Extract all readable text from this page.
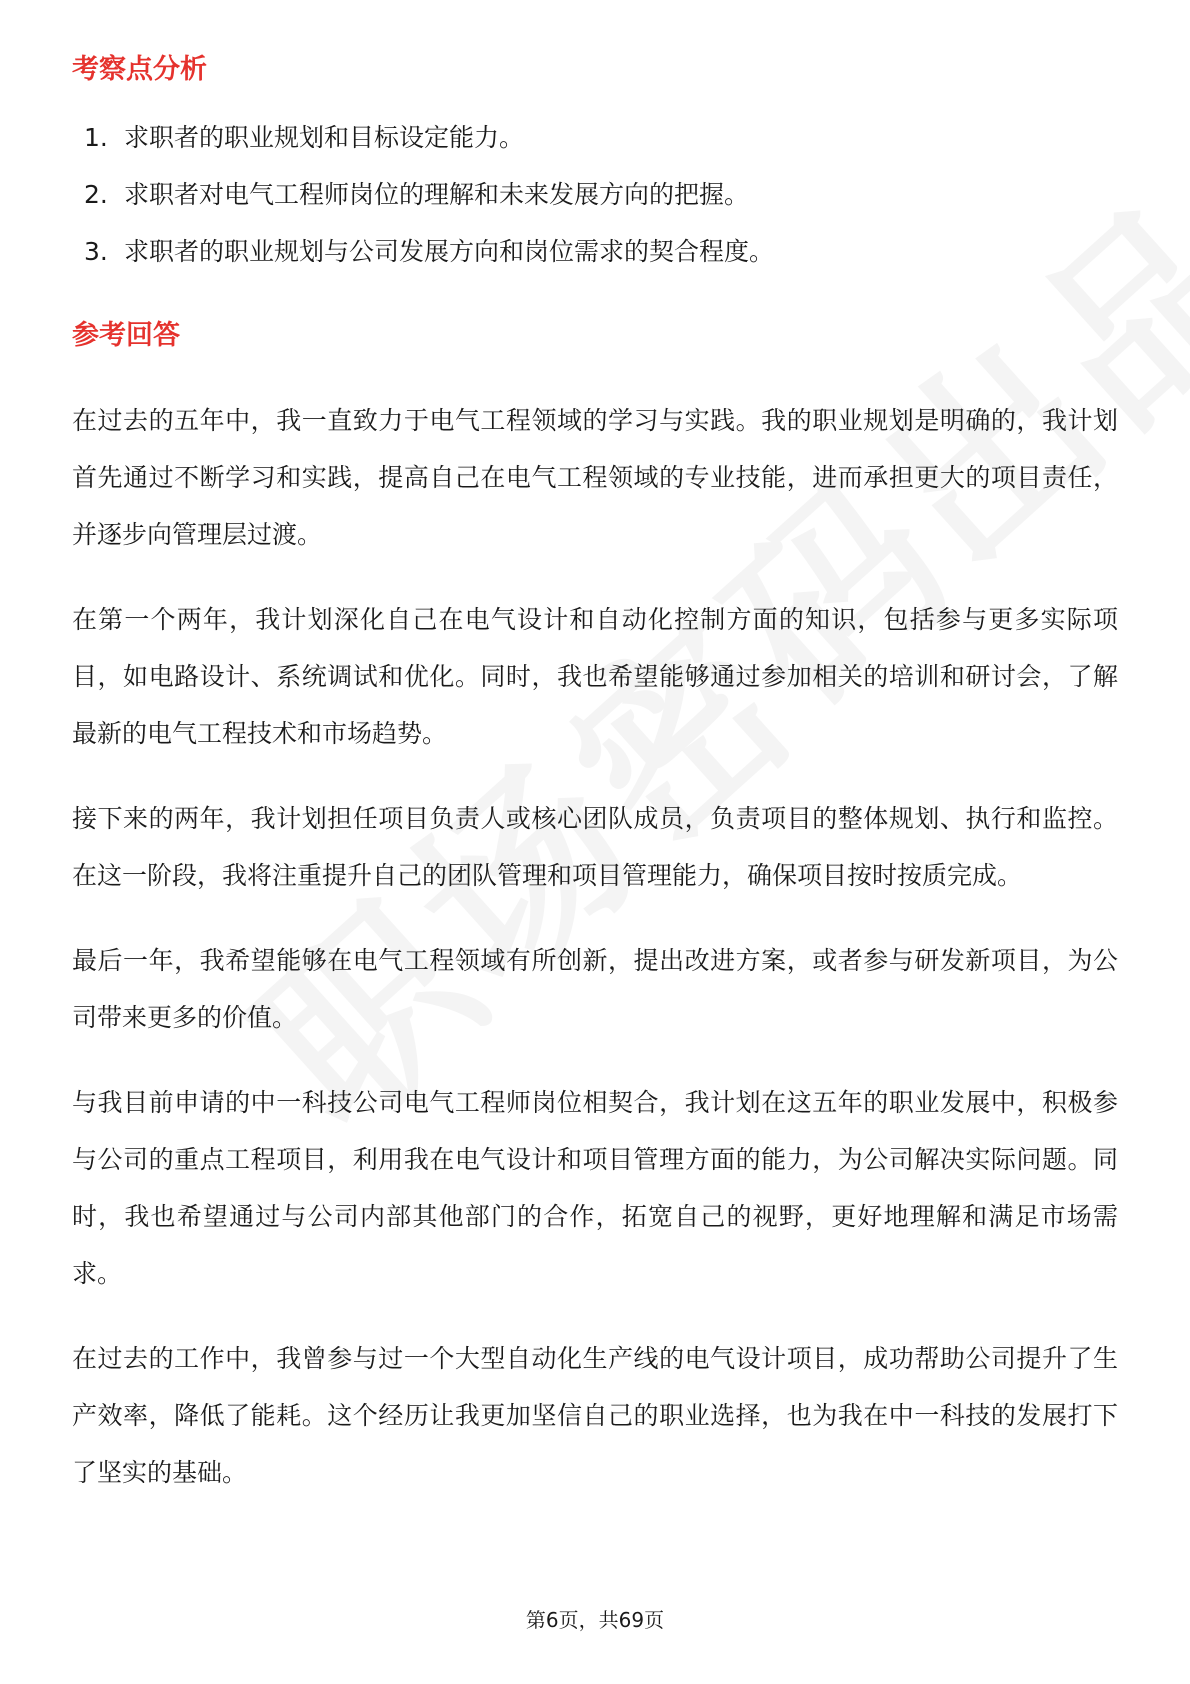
考察点分析
1. 求职者的职业规划和目标设定能力。
2. 求职者对电气工程师岗位的理解和未来发展方向的把握。
3. 求职者的职业规划与公司发展方向和岗位需求的契合程度。
参考回答

在过去的五年中，我一直致力于电气工程领域的学习与实践。我的职业规划是明确的，我计划首先通过不断学习和实践，提高自己在电气工程领域的专业技能，进而承担更大的项目责任，并逐步向管理层过渡。

在第一个两年，我计划深化自己在电气设计和自动化控制方面的知识，包括参与更多实际项目，如电路设计、系统调试和优化。同时，我也希望能够通过参加相关的培训和研讨会，了解最新的电气工程技术和市场趋势。

接下来的两年，我计划担任项目负责人或核心团队成员，负责项目的整体规划、执行和监控。在这一阶段，我将注重提升自己的团队管理和项目管理能力，确保项目按时按质完成。

最后一年，我希望能够在电气工程领域有所创新，提出改进方案，或者参与研发新项目，为公司带来更多的价值。

与我目前申请的中一科技公司电气工程师岗位相契合，我计划在这五年的职业发展中，积极参与公司的重点工程项目，利用我在电气设计和项目管理方面的能力，为公司解决实际问题。同时，我也希望通过与公司内部其他部门的合作，拓宽自己的视野，更好地理解和满足市场需求。

在过去的工作中，我曾参与过一个大型自动化生产线的电气设计项目，成功帮助公司提升了生产效率，降低了能耗。这个经历让我更加坚信自己的职业选择，也为我在中一科技的发展打下了坚实的基础。

第6页，共69页
